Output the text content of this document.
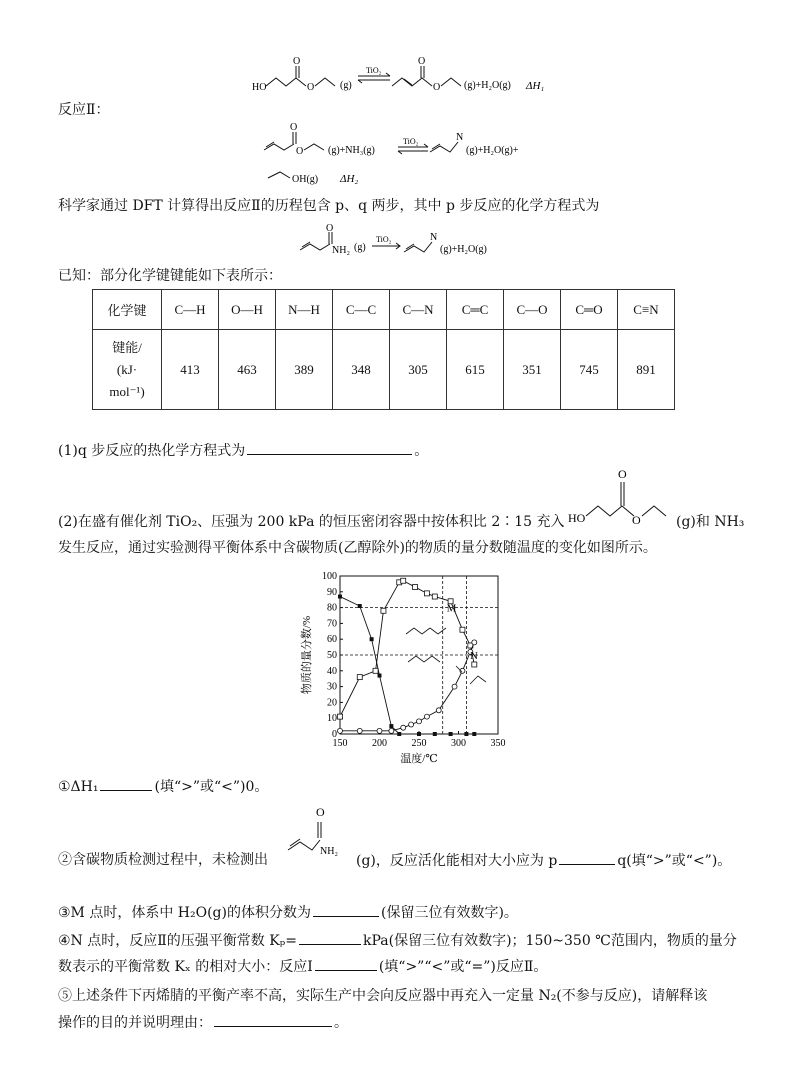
HO
O
O	(g)
TiO₂
O
O (g)+H₂O(g) ΔH₁
反应Ⅱ：
O
O (g)+NH₃(g)
TiO₂	N
(g)+H₂O(g)+
OH(g) ΔH₂
科学家通过 DFT 计算得出反应Ⅱ的历程包含 p、q 两步，其中 p 步反应的化学方程式为
O
NH₂ (g)
TiO₂	N
(g)+H₂O(g)
已知：部分化学键键能如下表所示：
化学键	C—H	O—H	N—H	C—C	C—N	C═C	C—O	C═O	C≡N

键能/
(kJ·
mol⁻¹)	413	463	389	348	305	615	351	745	891
(1)q 步反应的热化学方程式为	。
(2)在盛有催化剂 TiO₂、压强为 200 kPa 的恒压密闭容器中按体积比 2∶15 充入 HO
O
O	(g)和 NH₃
发生反应，通过实验测得平衡体系中含碳物质(乙醇除外)的物质的量分数随温度的变化如图所示。
150 200 250 300 350
0
10
20
30
40
50
60
70
80
90
100
温度/℃
物质的量分数/%
M
N
①ΔH₁	(填“>”或“<”)0。
O
NH₂
②含碳物质检测过程中，未检测出	(g)，反应活化能相对大小应为 p	q(填“>”或“<”)。
③M 点时，体系中 H₂O(g)的体积分数为	(保留三位有效数字)。
④N 点时，反应Ⅱ的压强平衡常数 Kₚ=	kPa(保留三位有效数字)；150~350 ℃范围内，物质的量分
数表示的平衡常数 Kₓ 的相对大小：反应Ⅰ	(填“>”“<”或“=”)反应Ⅱ。
⑤上述条件下丙烯腈的平衡产率不高，实际生产中会向反应器中再充入一定量 N₂(不参与反应)，请解释该
操作的目的并说明理由：	。
